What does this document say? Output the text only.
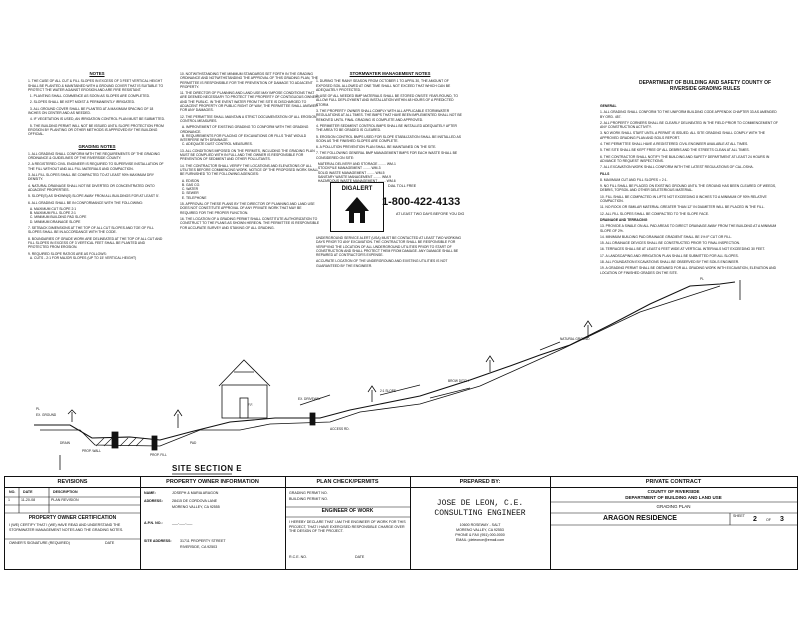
NOTES

1. THE CASE OF ALL CUT & FILL SLOPES IN EXCESS OF 3 FEET VERTICAL HEIGHT SHALL BE PLANTED & MAINTAINED WITH A GROUND COVER THAT IS SUITABLE TO PROTECT THE WATER AGAINST EROSION AND ARE FIRE RESISTANT.

1. PLANTING SHALL COMMENCE AS SOON AS SLOPES ARE COMPLETED.

2. SLOPES SHALL BE KEPT MOIST & PERMANENTLY IRRIGATED.

3. ALL GROUND COVER SHALL BE PLANTED AT A MAXIMUM SPACING OF 18 INCHES ON CENTER AND AS NEEDED.

4. IF VEGETATION IS USED, AN IRRIGATION CONTROL PLAN MUST BE SUBMITTED.

5. THE BUILDING PERMIT WILL NOT BE ISSUED UNTIL SLOPE PROTECTION FROM EROSION BY PLANTING OR OTHER METHODS IS APPROVED BY THE BUILDING OFFICIAL.

GRADING NOTES

1. ALL GRADING SHALL CONFORM WITH THE REQUIREMENTS OF THE GRADING ORDINANCE & GUIDELINES OF THE RIVERSIDE COUNTY.

2. A REGISTERED CIVIL ENGINEER IS REQUIRED TO SUPERVISE INSTALLATION OF THE FILL WITHOUT AND ALL FILL MATERIALS AND COMPACTION.

3. ALL FILL SLOPES SHALL BE COMPACTED TO AT LEAST 90% MAXIMUM DRY DENSITY.

4. NATURAL DRAINAGE SHALL NOT BE DIVERTED OR CONCENTRATED ONTO ADJACENT PROPERTIES.

5. SLOPE(S) AS SHOWN(S) SLOPE AWAY FROM ALL BUILDINGS FOR AT LEAST 5'.

6. ALL GRADING SHALL BE IN CONFORMANCE WITH THE FOLLOWING:

A. MAXIMUM CUT SLOPE 2:1
B. MAXIMUM FILL SLOPE 2:1
C. MINIMUM BUILDING PAD SLOPE
D. MINIMUM DRAINAGE SLOPE

7. SETBACK DIMENSIONS AT THE TOP OF ALL CUT SLOPES AND TOE OF FILL SLOPES SHALL BE IN ACCORDANCE WITH THE CODE.

8. BOUNDARIES OF GRADE WORK ARE DELINEATED AT THE TOP OF ALL CUT AND FILL SLOPES IN EXCESS OF 3 VERTICAL FEET SHALL BE PLANTED AND PROTECTED FROM EROSION.

9. REQUIRED SLOPE RATIOS ARE AS FOLLOWS:
A. CUTS - 2:1 FOR MAJOR SLOPES (UP TO 15' VERTICAL HEIGHT)

10. NOTWITHSTANDING THE MINIMUM STANDARDS SET FORTH IN THE GRADING ORDINANCE AND NOTWITHSTANDING THE APPROVAL OF THIS GRADING PLAN, THE PERMITTEE IS RESPONSIBLE FOR THE PREVENTION OF DAMAGE TO ADJACENT PROPERTY.

11. THE DIRECTOR OF PLANNING AND LAND USE MAY IMPOSE CONDITIONS THAT ARE DEEMED NECESSARY TO PROTECT THE PROPERTY OF CONTIGUOUS OWNERS AND THE PUBLIC. IN THE EVENT WATER FROM THE SITE IS DISCHARGED TO ADJACENT PROPERTY OR PUBLIC RIGHT OF WAY, THE PERMITTEE SHALL ANSWER FOR ANY DAMAGES.

12. THE PERMITTEE SHALL MAINTAIN A STRICT DOCUMENTATION OF ALL EROSION CONTROL MEASURES.

A. IMPROVEMENT OF EXISTING GRADING TO CONFORM WITH THE GRADING ORDINANCE.
B. REQUIREMENTS FOR PLACING OF EXCAVATIONS OR FILLS THAT WOULD INTERFERE WITH DRAINAGE.
C. ADEQUATE DUST CONTROL MEASURES.

13. ALL CONDITIONS IMPOSED ON THE PERMITS, INCLUDING THE GRADING PLAN MUST BE COMPLIED WITH IN FULL AND THE OWNER IS RESPONSIBLE FOR PREVENTION OF SEDIMENT AND OTHER POLLUTANTS.

14. THE CONTRACTOR SHALL VERIFY THE LOCATIONS AND ELEVATIONS OF ALL UTILITIES BEFORE COMMENCING WORK. NOTICE OF THE PROPOSED WORK SHALL BE FURNISHED TO THE FOLLOWING AGENCIES:

A. EDISON
B. GAS CO.
C. WATER
D. SEWER
E. TELEPHONE

15. APPROVAL OF THESE PLANS BY THE DIRECTOR OF PLANNING AND LAND USE DOES NOT CONSTITUTE APPROVAL OF ANY PRIVATE WORK THAT MAY BE REQUIRED FOR THE PROPER FUNCTION.

16. THE LOCATION OF A GRADING PERMIT SHALL CONSTITUTE AUTHORIZATION TO CONSTRUCT TO THE PLANS AS SHOWN HEREON. THE PERMITTEE IS RESPONSIBLE FOR ACCURATE SURVEY AND STAKING OF ALL GRADING.

STORMWATER MANAGEMENT NOTES

1. DURING THE RAINY SEASON FROM OCTOBER 1 TO APRIL 30, THE AMOUNT OF EXPOSED SOIL ALLOWED AT ONE TIME SHALL NOT EXCEED THAT WHICH CAN BE ADEQUATELY PROTECTED.

2. USE OF ALL NEEDED BMP MATERIALS SHALL BE STORED ONSITE YEAR-ROUND, TO ALLOW FULL DEPLOYMENT AND INSTALLATION WITHIN 48 HOURS OF A PREDICTED STORM.

3. THE PROPERTY OWNER SHALL COMPLY WITH ALL APPLICABLE STORMWATER REGULATIONS AT ALL TIMES. THE BMPS THAT HAVE BEEN IMPLEMENTED SHALL NOT BE REMOVED UNTIL FINAL GRADING IS COMPLETE AND APPROVED.

4. PERIMETER SEDIMENT CONTROL BMPS SHALL BE INSTALLED ADEQUATELY AFTER THE AREA TO BE GRADED IS CLEARED.

5. EROSION CONTROL BMPS USED FOR SLOPE STABILIZATION SHALL BE INSTALLED AS SOON AS THE FINISHED SLOPES ARE COMPLETE.

6. A POLLUTION PREVENTION PLAN SHALL BE MAINTAINED ON THE SITE.

7. THE FOLLOWING GENERAL BMP MANAGEMENT BMPS FOR EACH WASTE SHALL BE CONSIDERED ON SITE:

MATERIAL DELIVERY AND STORAGE ........ WM-1
STOCKPILE MANAGEMENT ........ WM-3
SOLID WASTE MANAGEMENT ........ WM-5
SANITARY WASTE MANAGEMENT ........ WM-9
HAZARDOUS WASTE MANAGEMENT ........ WM-6

DIGALERT	DIAL TOLL FREE
1-800-422-4133
AT LEAST TWO DAYS BEFORE YOU DIG

UNDERGROUND SERVICE ALERT (USA) MUST BE CONTACTED AT LEAST TWO WORKING DAYS PRIOR TO ANY EXCAVATION. THE CONTRACTOR SHALL BE RESPONSIBLE FOR VERIFYING THE LOCATION OF ALL UNDERGROUND UTILITIES PRIOR TO START OF CONSTRUCTION AND SHALL PROTECT THEM FROM DAMAGE. ANY DAMAGE SHALL BE REPAIRED AT CONTRACTOR'S EXPENSE.

ACCURATE LOCATION OF THE UNDERGROUND AND EXISTING UTILITIES IS NOT GUARANTEED BY THE ENGINEER.

DEPARTMENT OF BUILDING AND SAFETY COUNTY OF RIVERSIDE GRADING RULES

GENERAL

1. ALL GRADING SHALL CONFORM TO THE UNIFORM BUILDING CODE APPENDIX CHAPTER 33 AS AMENDED BY ORD. 457.

2. ALL PROPERTY CORNERS SHALL BE CLEARLY DELINEATED IN THE FIELD PRIOR TO COMMENCEMENT OF ANY CONSTRUCTION ACTIVITY.

3. NO WORK SHALL START UNTIL A PERMIT IS ISSUED. ALL SITE GRADING SHALL COMPLY WITH THE APPROVED GRADING PLAN AND SOILS REPORT.

4. THE PERMITTEE SHALL HAVE A REGISTERED CIVIL ENGINEER AVAILABLE AT ALL TIMES.

5. THE SITE SHALL BE KEPT FREE OF ALL DEBRIS AND THE STREETS CLEAN AT ALL TIMES.

6. THE CONTRACTOR SHALL NOTIFY THE BUILDING AND SAFETY DEPARTMENT AT LEAST 24 HOURS IN ADVANCE TO REQUEST INSPECTIONS.

7. ALL EXCAVATION WORK SHALL CONFORM WITH THE LATEST REGULATIONS OF CAL-OSHA.

FILLS

8. MAXIMUM CUT AND FILL SLOPES = 2:1.

9. NO FILL SHALL BE PLACED ON EXISTING GROUND UNTIL THE GROUND HAS BEEN CLEARED OF WEEDS, DEBRIS, TOPSOIL AND OTHER DELETERIOUS MATERIAL.

10. FILL SHALL BE COMPACTED IN LIFTS NOT EXCEEDING 8 INCHES TO A MINIMUM OF 90% RELATIVE COMPACTION.

11. NO ROCK OR SIMILAR MATERIAL GREATER THAN 12" IN DIAMETER WILL BE PLACED IN THE FILL.

12. ALL FILL SLOPES SHALL BE COMPACTED TO THE SLOPE FACE.

DRAINAGE AND TERRACING

13. PROVIDE A SWALE ON ALL PAD AREAS TO DIRECT DRAINAGE AWAY FROM THE BUILDING AT A MINIMUM SLOPE OF 2%.

14. MINIMUM BUILDING PAD DRAINAGE GRADIENT SHALL BE 1% IF CUT OR FILL.

15. ALL DRAINAGE DEVICES SHALL BE CONSTRUCTED PRIOR TO FINAL INSPECTION.

16. TERRACES SHALL BE AT LEAST 6 FEET WIDE AT VERTICAL INTERVALS NOT EXCEEDING 30 FEET.

17. A LANDSCAPING AND IRRIGATION PLAN SHALL BE SUBMITTED FOR ALL SLOPES.

18. ALL FOUNDATION EXCAVATIONS SHALL BE OBSERVED BY THE SOILS ENGINEER.

19. A GRADING PERMIT SHALL BE OBTAINED FOR ALL GRADING WORK WITH EXCAVATION, ELEVATION AND LOCATION OF FINISHED GRADES ON THE SITE.

PL
EX. GROUND
PROP. WALL
PROP. FILL
F.F.
EX. DRIVEWAY
2:1 SLOPE
BROW DITCH
NATURAL GROUND
PL
DRAIN	PAD
ACCESS RD.
SITE SECTION E
REVISIONS
NO. DATE	DESCRIPTION
1	11-20-08	PLAN REVISION
PROPERTY OWNER CERTIFICATION
I (WE) CERTIFY THAT I (WE) HAVE READ AND UNDERSTAND THE STORMWATER MANAGEMENT NOTES AND THE GRADING NOTES.
OWNER'S SIGNATURE (REQUIRED)	DATE
PROPERTY OWNER INFORMATION
NAME:	JOSEPH & MARIA ARAGON
ADDRESS:	28415 DE CORDOVA LANE
MORENO VALLEY, CA 92555
A.P.N. NO.:	___-___-___
SITE ADDRESS: 31711 PROPERTY STREET
RIVERSIDE, CA 92503
PLAN CHECK/PERMITS
GRADING PERMIT NO.
BUILDING PERMIT NO.
ENGINEER OF WORK
I HEREBY DECLARE THAT I AM THE ENGINEER OF WORK FOR THIS PROJECT, THAT I HAVE EXERCISED RESPONSIBLE CHARGE OVER THE DESIGN OF THE PROJECT.
R.C.E. NO.	DATE
PREPARED BY:
JOSE DE LEON, C.E.
CONSULTING ENGINEER
10600 ROSEWAY - SALT
MORENO VALLEY, CA 92553
PHONE & FAX (951) 000-0000
EMAIL: jdeleonce@email.com
PRIVATE CONTRACT
COUNTY OF RIVERSIDE
DEPARTMENT OF BUILDING AND LAND USE
GRADING PLAN
ARAGON RESIDENCE	SHEET 2	OF 3
